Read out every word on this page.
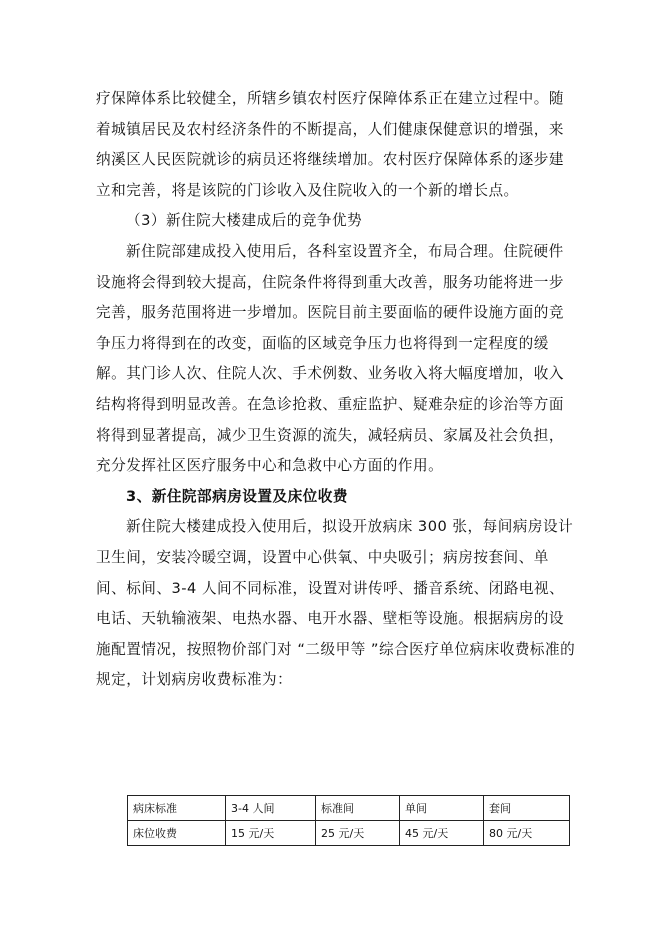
疗保障体系比较健全，所辖乡镇农村医疗保障体系正在建立过程中。随着城镇居民及农村经济条件的不断提高，人们健康保健意识的增强，来纳溪区人民医院就诊的病员还将继续增加。农村医疗保障体系的逐步建立和完善，将是该院的门诊收入及住院收入的一个新的增长点。

（3）新住院大楼建成后的竞争优势

新住院部建成投入使用后，各科室设置齐全，布局合理。住院硬件设施将会得到较大提高，住院条件将得到重大改善，服务功能将进一步完善，服务范围将进一步增加。医院目前主要面临的硬件设施方面的竞争压力将得到在的改变，面临的区域竞争压力也将得到一定程度的缓解。其门诊人次、住院人次、手术例数、业务收入将大幅度增加，收入结构将得到明显改善。在急诊抢救、重症监护、疑难杂症的诊治等方面将得到显著提高，减少卫生资源的流失，减轻病员、家属及社会负担，充分发挥社区医疗服务中心和急救中心方面的作用。

3、新住院部病房设置及床位收费

新住院大楼建成投入使用后，拟设开放病床 300 张，每间病房设计卫生间，安装冷暖空调，设置中心供氧、中央吸引；病房按套间、单间、标间、3-4 人间不同标准，设置对讲传呼、播音系统、闭路电视、电话、天轨输液架、电热水器、电开水器、壁柜等设施。根据病房的设施配置情况，按照物价部门对 “二级甲等 ”综合医疗单位病床收费标准的规定，计划病房收费标准为：

病床标准	3-4 人间	标准间	单间	套间
床位收费	15 元/天	25 元/天	45 元/天	80 元/天
